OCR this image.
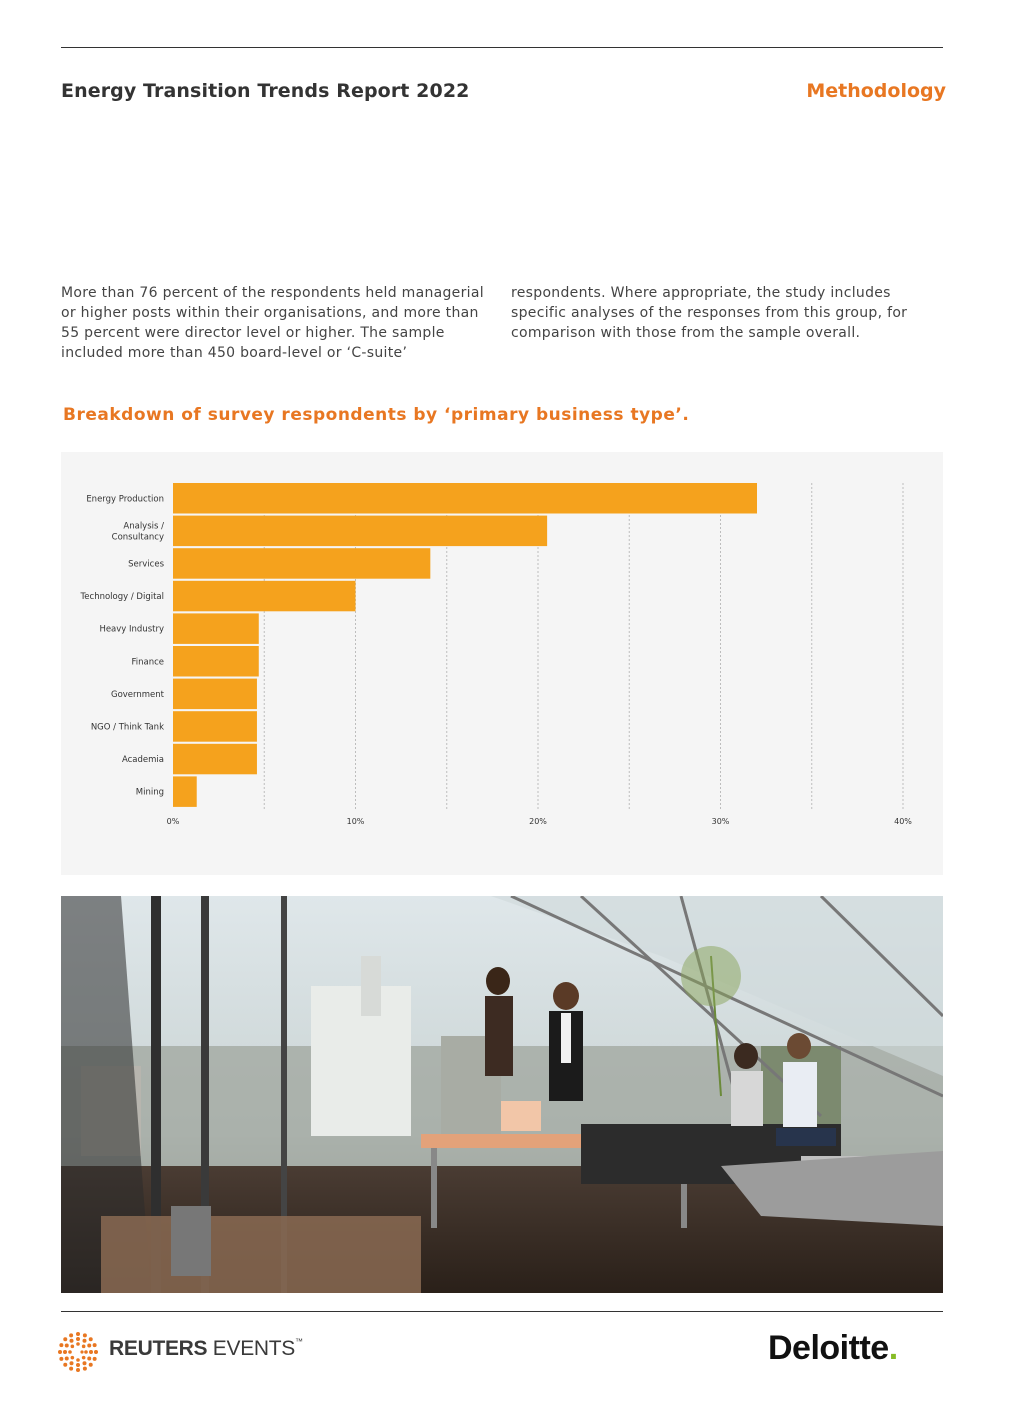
Energy Transition Trends Report 2022	Methodology
More than 76 percent of the respondents held managerial or higher posts within their organisations, and more than 55 percent were director level or higher. The sample included more than 450 board-level or ‘C-suite’
respondents. Where appropriate, the study includes specific analyses of the responses from this group, for comparison with those from the sample overall.
Breakdown of survey respondents by ‘primary business type’.
Energy Production
Analysis /
Consultancy
Services
Technology / Digital
Heavy Industry
Finance
Government
NGO / Think Tank
Academia
Mining
0%	10%	20%	30%	40%
REUTERS EVENTS™	Deloitte.
